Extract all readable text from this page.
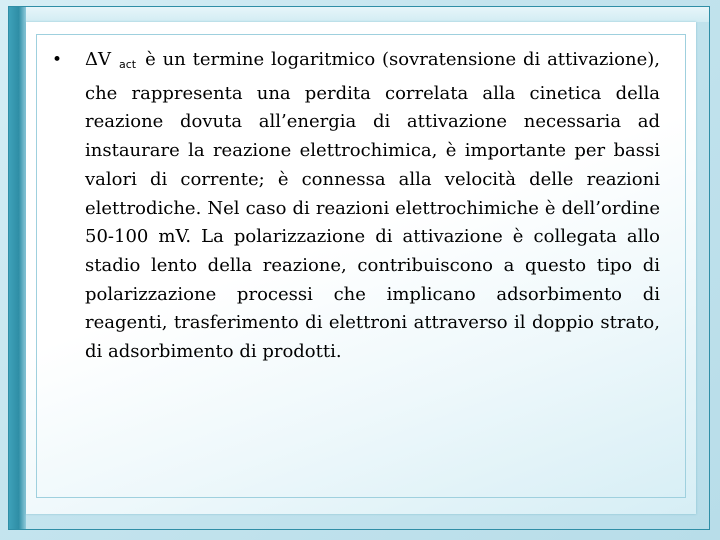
•	ΔV $_{act}$ è un termine logaritmico (sovratensione di attivazione), che rappresenta una perdita correlata alla cinetica della reazione dovuta all’energia di attivazione necessaria ad instaurare la reazione elettrochimica, è importante per bassi valori di corrente; è connessa alla velocità delle reazioni elettrodiche. Nel caso di reazioni elettrochimiche è dell’ordine 50-100 mV. La polarizzazione di attivazione è collegata allo stadio lento della reazione, contribuiscono a questo tipo di polarizzazione processi che implicano adsorbimento di reagenti, trasferimento di elettroni attraverso il doppio strato, di adsorbimento di prodotti.
